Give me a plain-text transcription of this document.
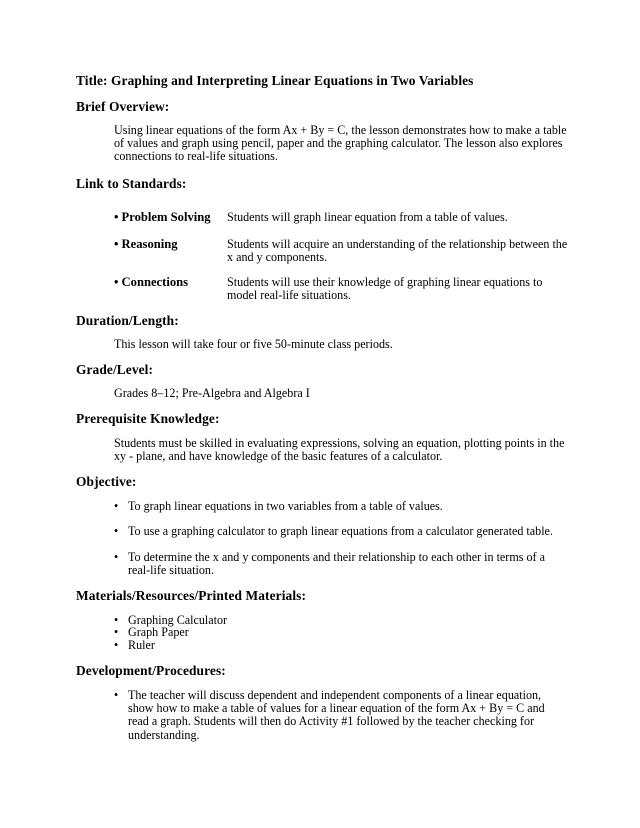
Title: Graphing and Interpreting Linear Equations in Two Variables
Brief Overview:
Using linear equations of the form Ax + By = C, the lesson demonstrates how to make a table of values and graph using pencil, paper and the graphing calculator. The lesson also explores connections to real-life situations.
Link to Standards:
• Problem Solving Students will graph linear equation from a table of values.
• Reasoning	Students will acquire an understanding of the relationship between the x and y components.
• Connections	Students will use their knowledge of graphing linear equations to model real-life situations.
Duration/Length:
This lesson will take four or five 50-minute class periods.
Grade/Level:
Grades 8–12; Pre-Algebra and Algebra I
Prerequisite Knowledge:
Students must be skilled in evaluating expressions, solving an equation, plotting points in the xy - plane, and have knowledge of the basic features of a calculator.
Objective:
• To graph linear equations in two variables from a table of values.
• To use a graphing calculator to graph linear equations from a calculator generated table.
• To determine the x and y components and their relationship to each other in terms of a real-life situation.
Materials/Resources/Printed Materials:
• Graphing Calculator
• Graph Paper
• Ruler
Development/Procedures:
• The teacher will discuss dependent and independent components of a linear equation, show how to make a table of values for a linear equation of the form Ax + By = C and read a graph. Students will then do Activity #1 followed by the teacher checking for understanding.
